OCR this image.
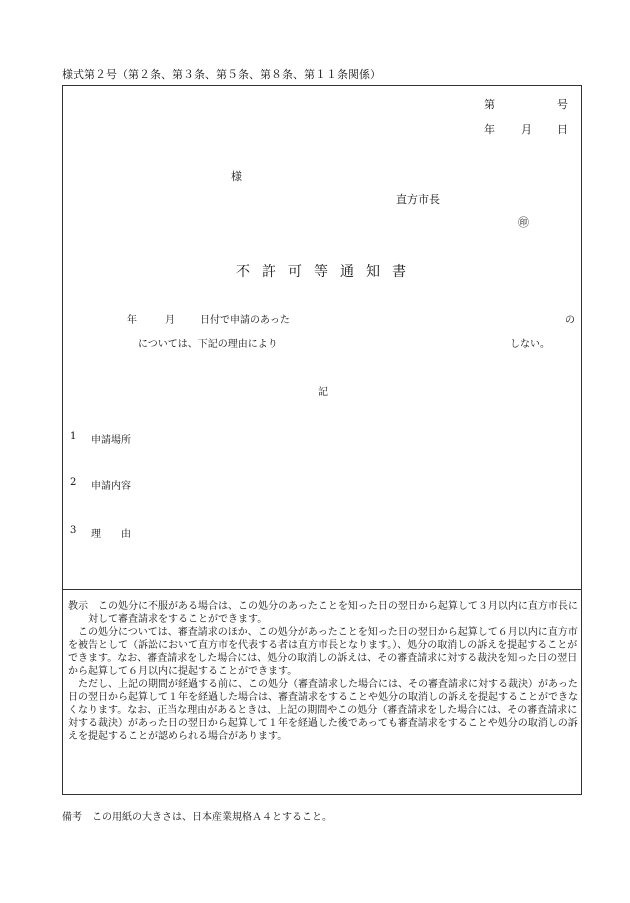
様式第２号（第２条、第３条、第５条、第８条、第１１条関係）
第	号
年 月 日
様
直方市長
㊞
不許可等通知書
年	月	日付で申請のあった	の
については、下記の理由により	しない。
記
1 申請場所
2 申請内容
3 理　　由

教示　この処分に不服がある場合は、この処分のあったことを知った日の翌日から起算して３月以内に直方市長に対して審査請求をすることができます。

この処分については、審査請求のほか、この処分があったことを知った日の翌日から起算して６月以内に直方市を被告として（訴訟において直方市を代表する者は直方市長となります。）、処分の取消しの訴えを提起することができます。なお、審査請求をした場合には、処分の取消しの訴えは、その審査請求に対する裁決を知った日の翌日から起算して６月以内に提起することができます。

ただし、上記の期間が経過する前に、この処分（審査請求した場合には、その審査請求に対する裁決）があった日の翌日から起算して１年を経過した場合は、審査請求をすることや処分の取消しの訴えを提起することができなくなります。なお、正当な理由があるときは、上記の期間やこの処分（審査請求をした場合には、その審査請求に対する裁決）があった日の翌日から起算して１年を経過した後であっても審査請求をすることや処分の取消しの訴えを提起することが認められる場合があります。

備考　この用紙の大きさは、日本産業規格Ａ４とすること。
